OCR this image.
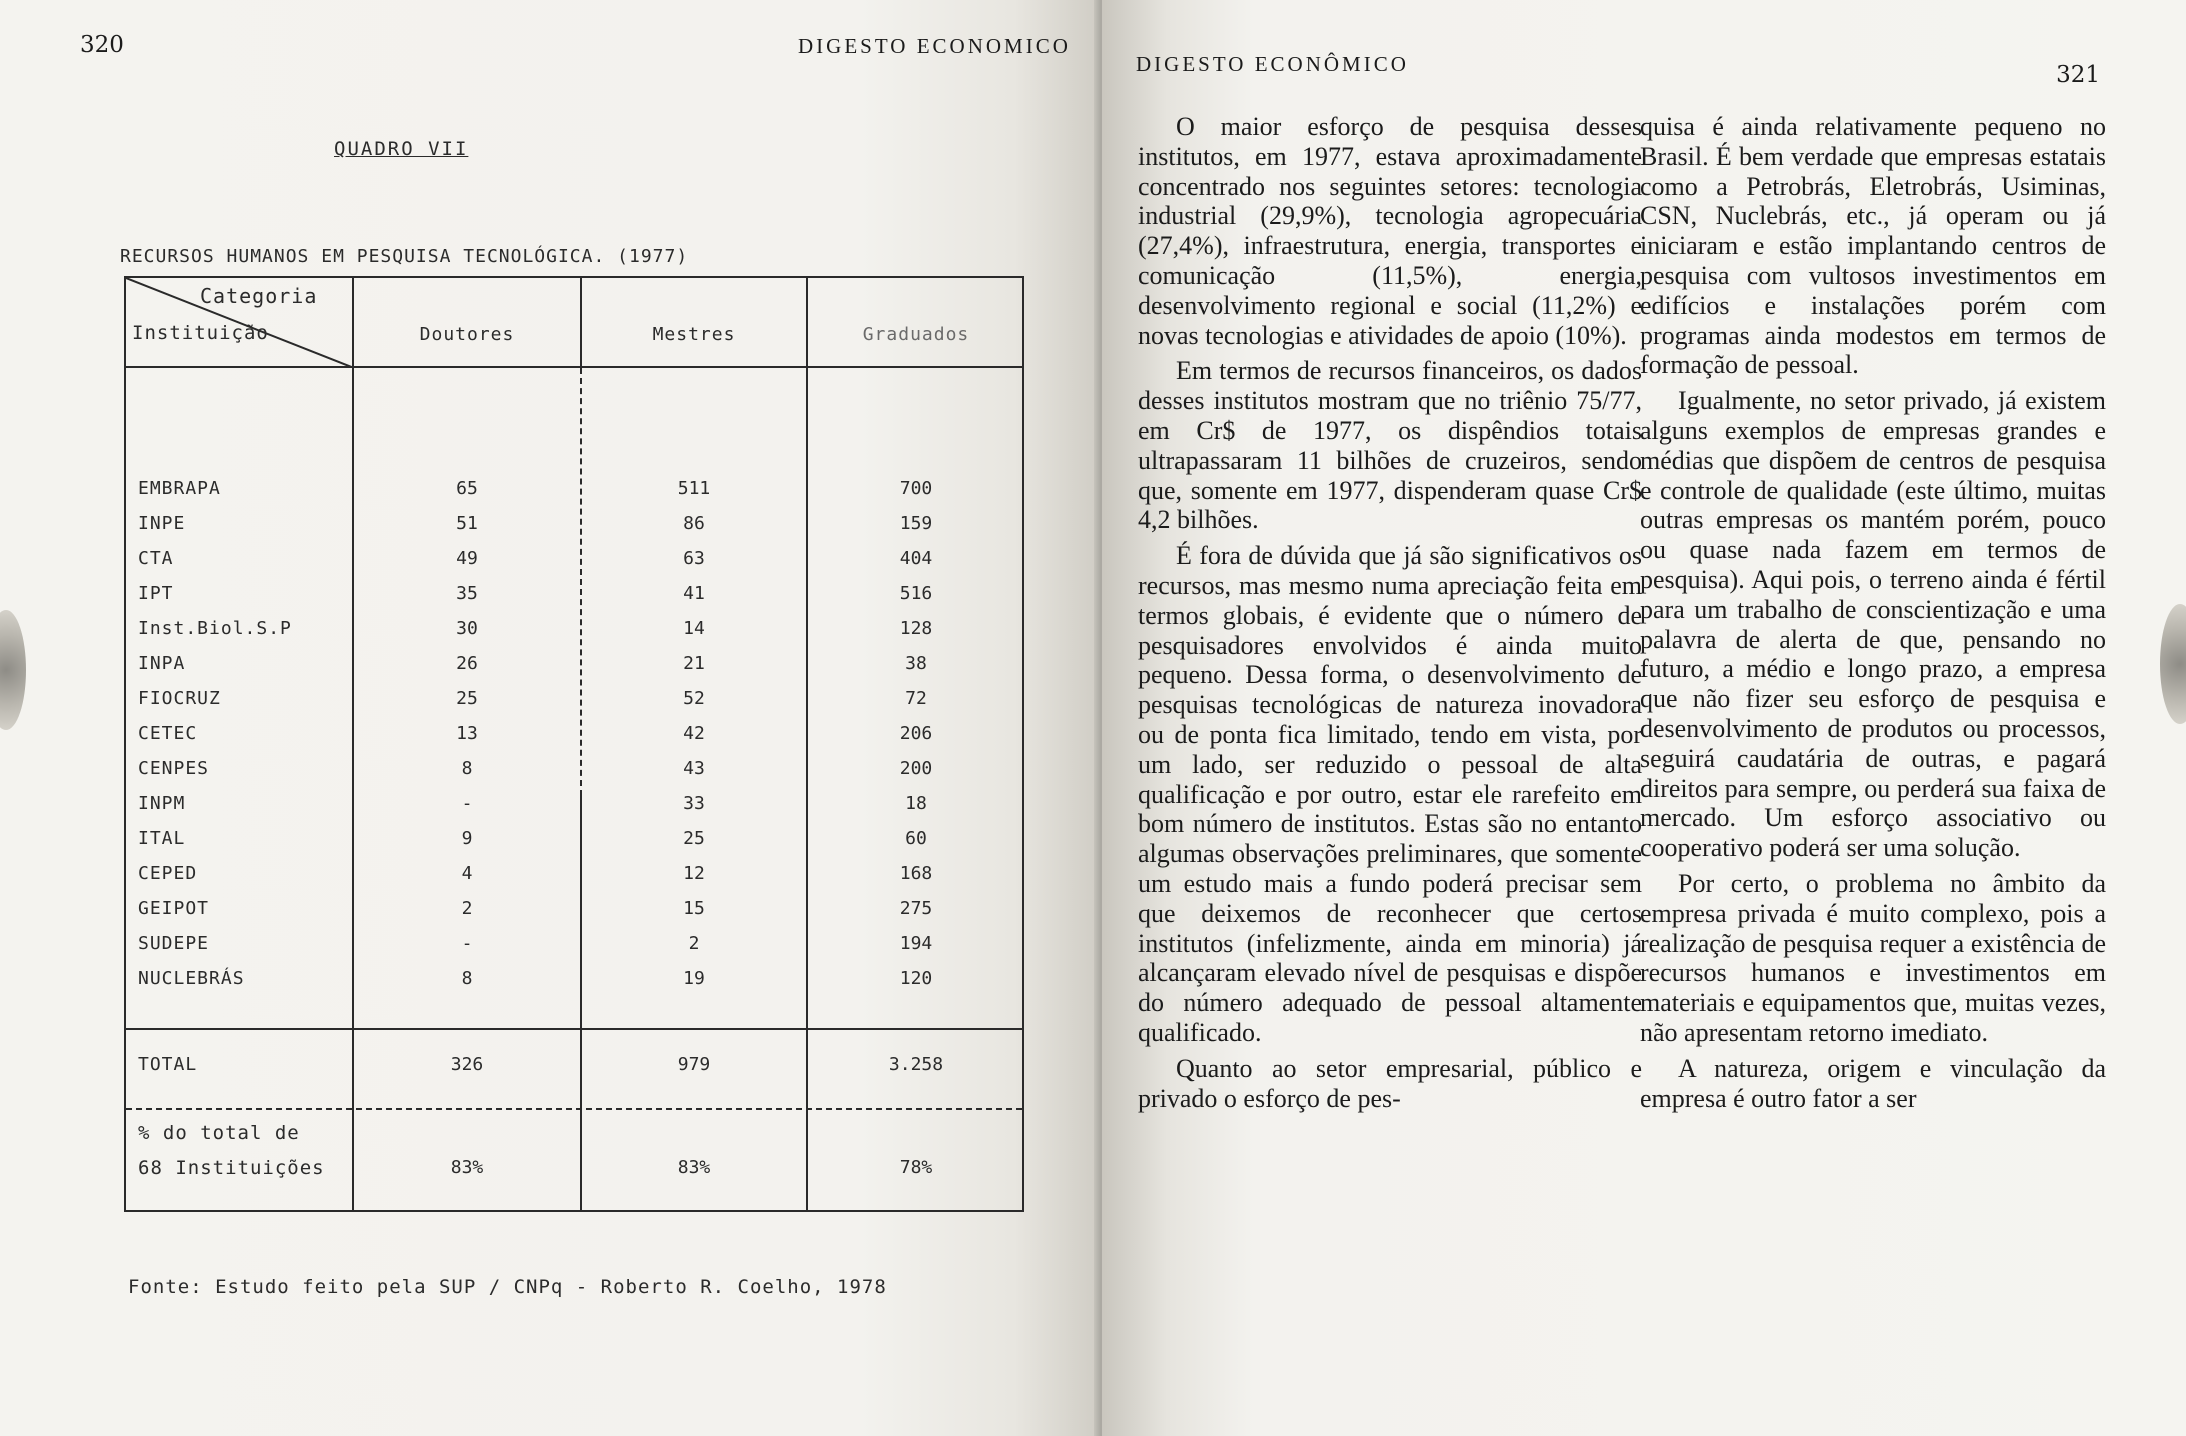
320	DIGESTO ECONOMICO
QUADRO VII
RECURSOS HUMANOS EM PESQUISA TECNOLÓGICA. (1977)
Categoria
Instituição	Doutores	Mestres	Graduados
EMBRAPA	65	511	700
INPE	51	86	159
CTA	49	63	404
IPT	35	41	516
Inst.Biol.S.P	30	14	128
INPA	26	21	38
FIOCRUZ	25	52	72
CETEC	13	42	206
CENPES	8	43	200
INPM	-	33	18
ITAL	9	25	60
CEPED	4	12	168
GEIPOT	2	15	275
SUDEPE	-	2	194
NUCLEBRÁS	8	19	120
TOTAL	326	979	3.258
% do total de
68 Instituições	83%	83%	78%
Fonte: Estudo feito pela SUP / CNPq - Roberto R. Coelho, 1978
DIGESTO ECONÔMICO	321

O maior esforço de pesquisa desses institutos, em 1977, estava aproximadamente concentrado nos seguintes setores: tecnologia industrial (29,9%), tecnologia agropecuária (27,4%), infraestrutura, energia, transportes e comunicação (11,5%), energia, desenvolvimento regional e social (11,2%) e novas tecnologias e atividades de apoio (10%).

Em termos de recursos financeiros, os dados desses institutos mostram que no triênio 75/77, em Cr$ de 1977, os dispêndios totais ultrapassaram 11 bilhões de cruzeiros, sendo que, somente em 1977, dispenderam quase Cr$ 4,2 bilhões.

É fora de dúvida que já são significativos os recursos, mas mesmo numa apreciação feita em termos globais, é evidente que o número de pesquisadores envolvidos é ainda muito pequeno. Dessa forma, o desenvolvimento de pesquisas tecnológicas de natureza inovadora ou de ponta fica limitado, tendo em vista, por um lado, ser reduzido o pessoal de alta qualificação e por outro, estar ele rarefeito em bom número de institutos. Estas são no entanto algumas observações preliminares, que somente um estudo mais a fundo poderá precisar sem que deixemos de reconhecer que certos institutos (infelizmente, ainda em minoria) já alcançaram elevado nível de pesquisas e dispõe do número adequado de pessoal altamente qualificado.

Quanto ao setor empresarial, público e privado o esforço de pes-

quisa é ainda relativamente pequeno no Brasil. É bem verdade que empresas estatais como a Petrobrás, Eletrobrás, Usiminas, CSN, Nuclebrás, etc., já operam ou já iniciaram e estão implantando centros de pesquisa com vultosos investimentos em edifícios e instalações porém com programas ainda modestos em termos de formação de pessoal.

Igualmente, no setor privado, já existem alguns exemplos de empresas grandes e médias que dispõem de centros de pesquisa e controle de qualidade (este último, muitas outras empresas os mantém porém, pouco ou quase nada fazem em termos de pesquisa). Aqui pois, o terreno ainda é fértil para um trabalho de conscientização e uma palavra de alerta de que, pensando no futuro, a médio e longo prazo, a empresa que não fizer seu esforço de pesquisa e desenvolvimento de produtos ou processos, seguirá caudatária de outras, e pagará direitos para sempre, ou perderá sua faixa de mercado. Um esforço associativo ou cooperativo poderá ser uma solução.

Por certo, o problema no âmbito da empresa privada é muito complexo, pois a realização de pesquisa requer a existência de recursos humanos e investimentos em materiais e equipamentos que, muitas vezes, não apresentam retorno imediato.

A natureza, origem e vinculação da empresa é outro fator a ser
